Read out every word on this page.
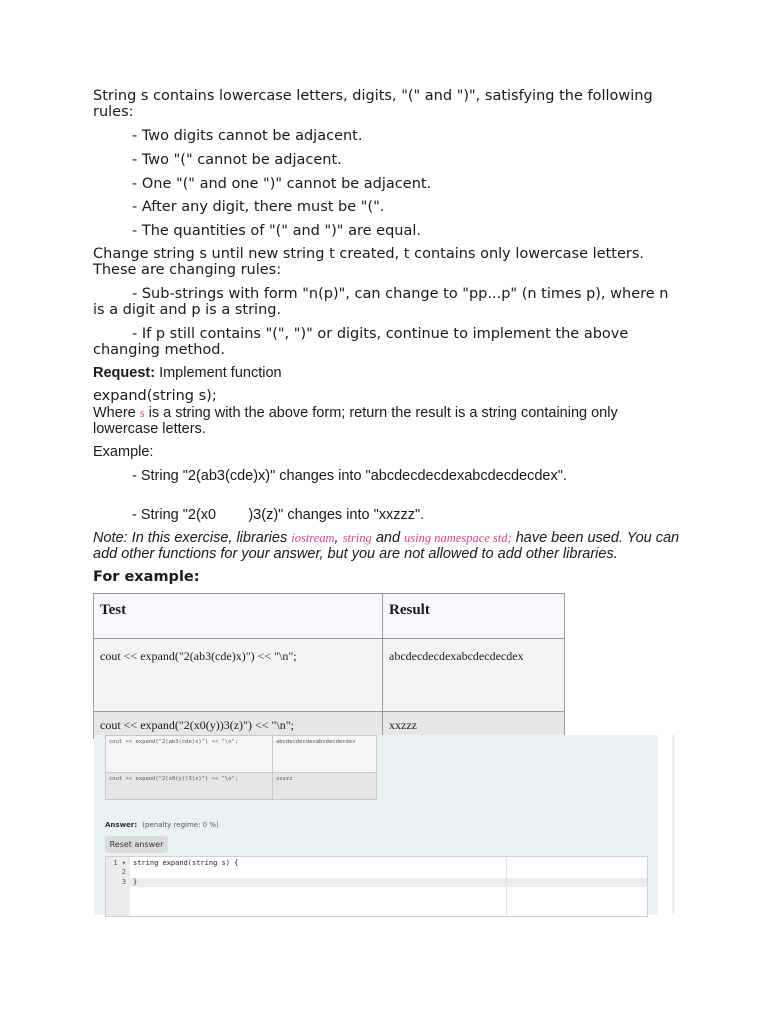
String s contains lowercase letters, digits, "(" and ")", satisfying the following rules:
- Two digits cannot be adjacent.
- Two "(" cannot be adjacent.
- One "(" and one ")" cannot be adjacent.
- After any digit, there must be "(".
- The quantities of "(" and ")" are equal.
Change string s until new string t created, t contains only lowercase letters. These are changing rules:
- Sub-strings with form "n(p)", can change to "pp...p" (n times p), where n is a digit and p is a string.
- If p still contains "(", ")" or digits, continue to implement the above changing method.
Request: Implement function
expand(string s);
Where s is a string with the above form; return the result is a string containing only lowercase letters.
Example:
- String "2(ab3(cde)x)" changes into "abcdecdecdexabcdecdecdex".
- String "2(x0        )3(z)" changes into "xxzzz".
Note: In this exercise, libraries iostream, string and using namespace std; have been used. You can add other functions for your answer, but you are not allowed to add other libraries.
For example:
Test	Result
cout << expand("2(ab3(cde)x)") << "\n";	abcdecdecdexabcdecdecdex
cout << expand("2(x0(y))3(z)") << "\n";	xxzzz
cout << expand("2(ab3(cde)x)") << "\n";	abcdecdecdexabcdecdecdex
cout << expand("2(x0(y))3(z)") << "\n";	xxzzz
Answer: (penalty regime: 0 %)
Reset answer
1 ▾
2
3
string expand(string s) {
}
